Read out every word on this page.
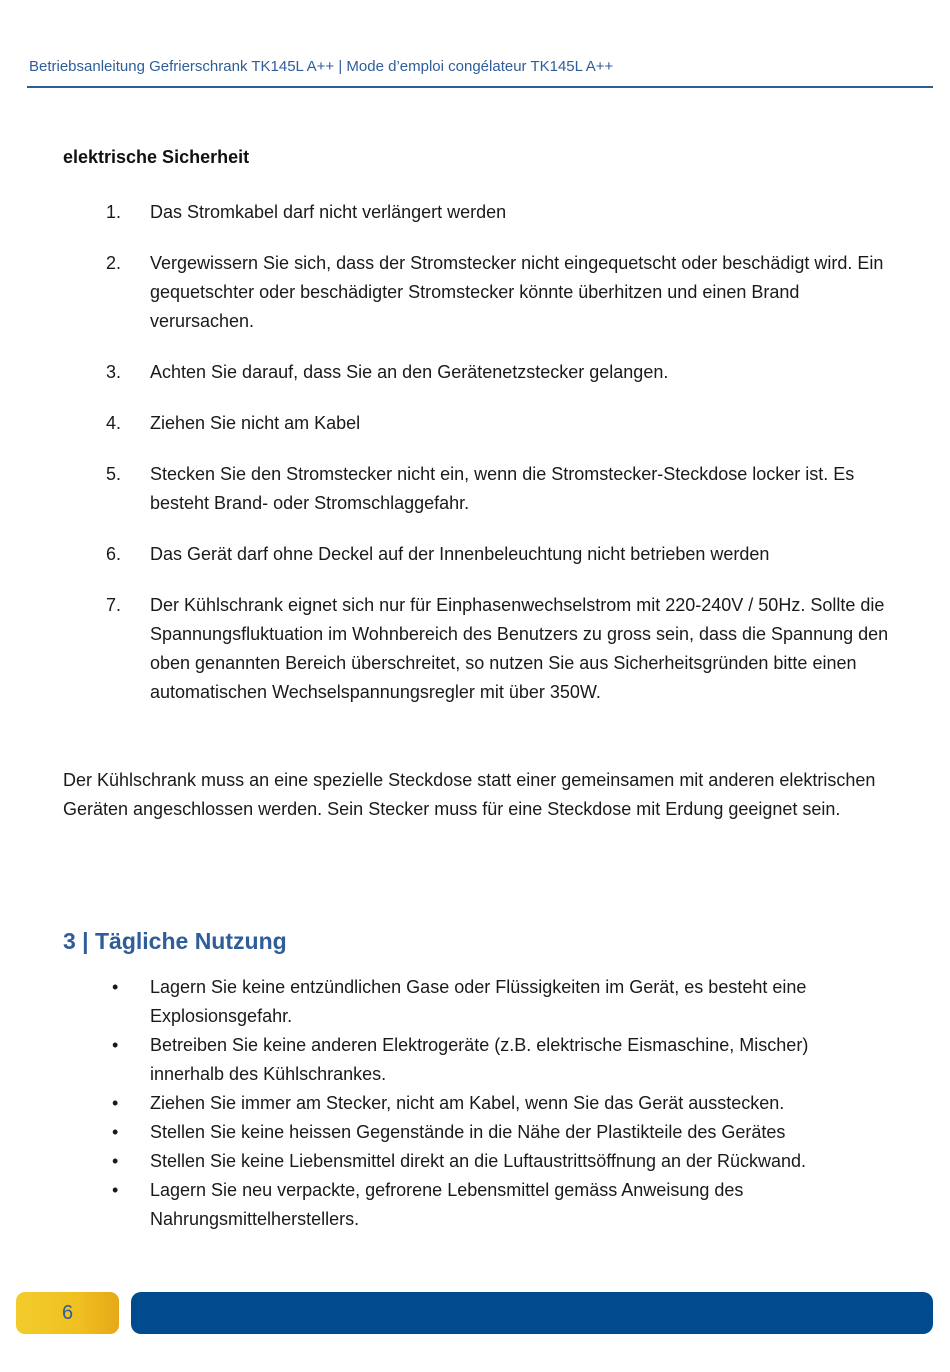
Betriebsanleitung Gefrierschrank TK145L A++ | Mode d’emploi congélateur TK145L A++
elektrische Sicherheit
1. Das Stromkabel darf nicht verlängert werden
2. Vergewissern Sie sich, dass der Stromstecker nicht eingequetscht oder beschädigt wird. Ein gequetschter oder beschädigter Stromstecker könnte überhitzen und einen Brand verursachen.
3. Achten Sie darauf, dass Sie an den Gerätenetzstecker gelangen.
4. Ziehen Sie nicht am Kabel
5. Stecken Sie den Stromstecker nicht ein, wenn die Stromstecker-Steckdose locker ist. Es besteht Brand- oder Stromschlaggefahr.
6. Das Gerät darf ohne Deckel auf der Innenbeleuchtung nicht betrieben werden
7. Der Kühlschrank eignet sich nur für Einphasenwechselstrom mit 220-240V / 50Hz. Sollte die Spannungsfluktuation im Wohnbereich des Benutzers zu gross sein, dass die Spannung den oben genannten Bereich überschreitet, so nutzen Sie aus Sicherheitsgründen bitte einen automatischen Wechselspannungsregler mit über 350W.

Der Kühlschrank muss an eine spezielle Steckdose statt einer gemeinsamen mit anderen elektrischen Geräten angeschlossen werden. Sein Stecker muss für eine Steckdose mit Erdung geeignet sein.

3 | Tägliche Nutzung
• Lagern Sie keine entzündlichen Gase oder Flüssigkeiten im Gerät, es besteht eine Explosionsgefahr.
• Betreiben Sie keine anderen Elektrogeräte (z.B. elektrische Eismaschine, Mischer) innerhalb des Kühlschrankes.
• Ziehen Sie immer am Stecker, nicht am Kabel, wenn Sie das Gerät ausstecken.
• Stellen Sie keine heissen Gegenstände in die Nähe der Plastikteile des Gerätes
• Stellen Sie keine Liebensmittel direkt an die Luftaustrittsöffnung an der Rückwand.
• Lagern Sie neu verpackte, gefrorene Lebensmittel gemäss Anweisung des Nahrungsmittelherstellers.
6
